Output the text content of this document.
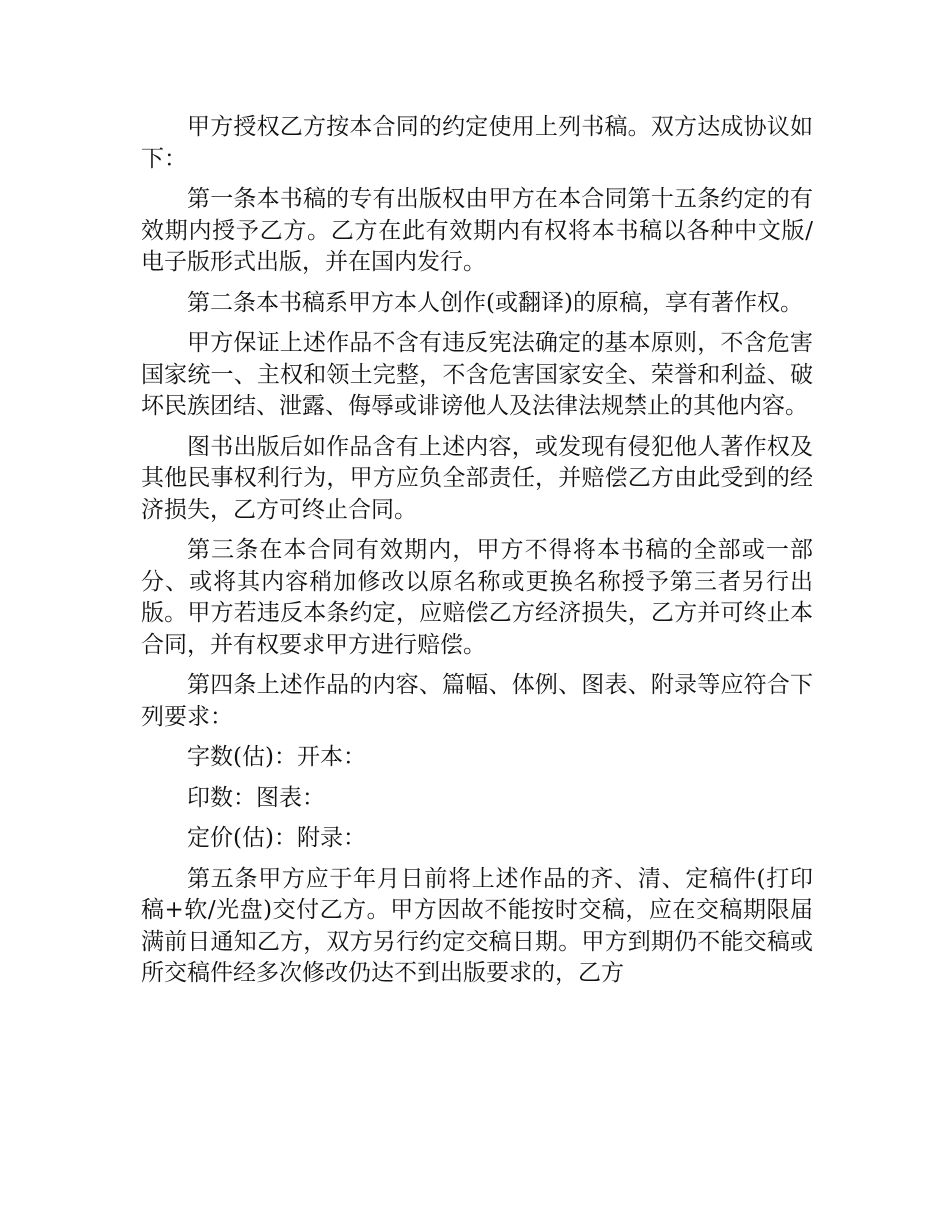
甲方授权乙方按本合同的约定使用上列书稿。双方达成协议如下：

第一条本书稿的专有出版权由甲方在本合同第十五条约定的有效期内授予乙方。乙方在此有效期内有权将本书稿以各种中文版/电子版形式出版，并在国内发行。

第二条本书稿系甲方本人创作(或翻译)的原稿，享有著作权。

甲方保证上述作品不含有违反宪法确定的基本原则，不含危害国家统一、主权和领土完整，不含危害国家安全、荣誉和利益、破坏民族团结、泄露、侮辱或诽谤他人及法律法规禁止的其他内容。

图书出版后如作品含有上述内容，或发现有侵犯他人著作权及其他民事权利行为，甲方应负全部责任，并赔偿乙方由此受到的经济损失，乙方可终止合同。

第三条在本合同有效期内，甲方不得将本书稿的全部或一部分、或将其内容稍加修改以原名称或更换名称授予第三者另行出版。甲方若违反本条约定，应赔偿乙方经济损失，乙方并可终止本合同，并有权要求甲方进行赔偿。

第四条上述作品的内容、篇幅、体例、图表、附录等应符合下列要求：

字数(估)：开本：

印数：图表：

定价(估)：附录：

第五条甲方应于年月日前将上述作品的齐、清、定稿件(打印稿+软/光盘)交付乙方。甲方因故不能按时交稿，应在交稿期限届满前日通知乙方，双方另行约定交稿日期。甲方到期仍不能交稿或所交稿件经多次修改仍达不到出版要求的，乙方
